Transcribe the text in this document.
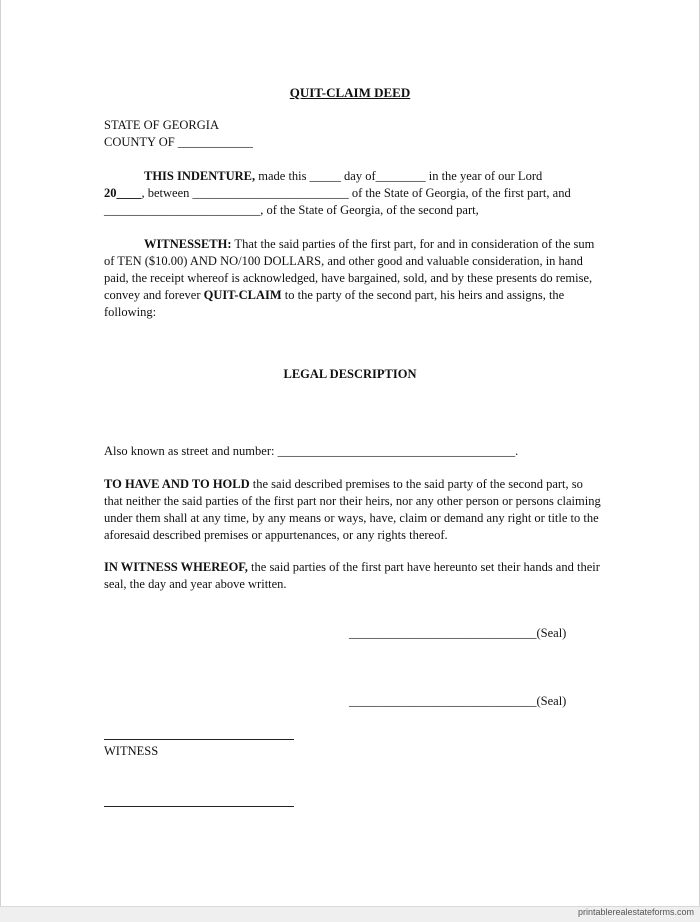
QUIT-CLAIM DEED
STATE OF GEORGIA
COUNTY OF ____________
THIS INDENTURE, made this _____ day of________ in the year of our Lord
20____, between _________________________ of the State of Georgia, of the first part, and
_________________________, of the State of Georgia, of the second part,
WITNESSETH: That the said parties of the first part, for and in consideration of the sum of TEN ($10.00) AND NO/100 DOLLARS, and other good and valuable consideration, in hand paid, the receipt whereof is acknowledged, have bargained, sold, and by these presents do remise, convey and forever QUIT-CLAIM to the party of the second part, his heirs and assigns, the following:
LEGAL DESCRIPTION
Also known as street and number: ______________________________________.
TO HAVE AND TO HOLD the said described premises to the said party of the second part, so that neither the said parties of the first part nor their heirs, nor any other person or persons claiming under them shall at any time, by any means or ways, have, claim or demand any right or title to the aforesaid described premises or appurtenances, or any rights thereof.
IN WITNESS WHEREOF, the said parties of the first part have hereunto set their hands and their seal, the day and year above written.
______________________________(Seal)
______________________________(Seal)
WITNESS
printablerealestateforms.com
